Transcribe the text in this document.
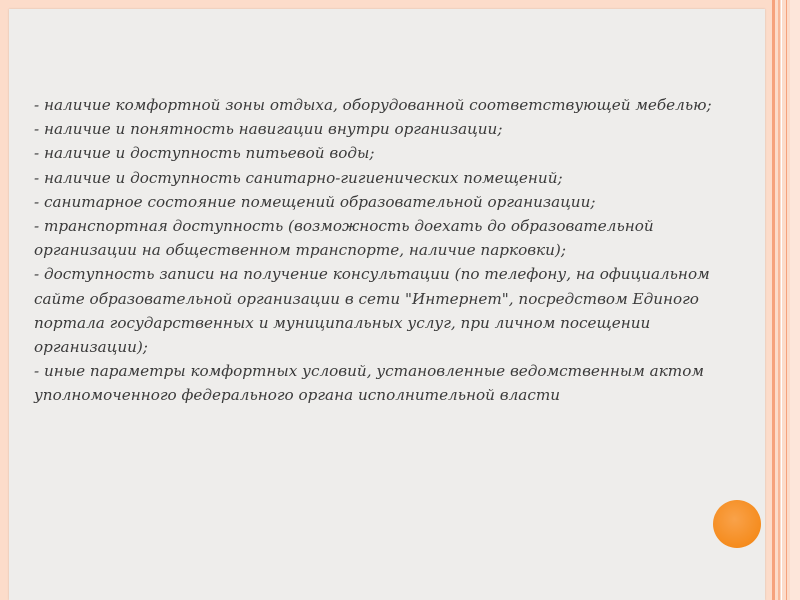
- наличие комфортной зоны отдыха, оборудованной соответствующей мебелью;
- наличие и понятность навигации внутри организации;
- наличие и доступность питьевой воды;
- наличие и доступность санитарно-гигиенических помещений;
- санитарное состояние помещений образовательной организации;
- транспортная доступность (возможность доехать до образовательной
организации на общественном транспорте, наличие парковки);
- доступность записи на получение консультации (по телефону, на официальном
сайте образовательной организации в сети "Интернет", посредством Единого
портала государственных и муниципальных услуг, при личном посещении
организации);
- иные параметры комфортных условий, установленные ведомственным актом
уполномоченного федерального органа исполнительной власти
